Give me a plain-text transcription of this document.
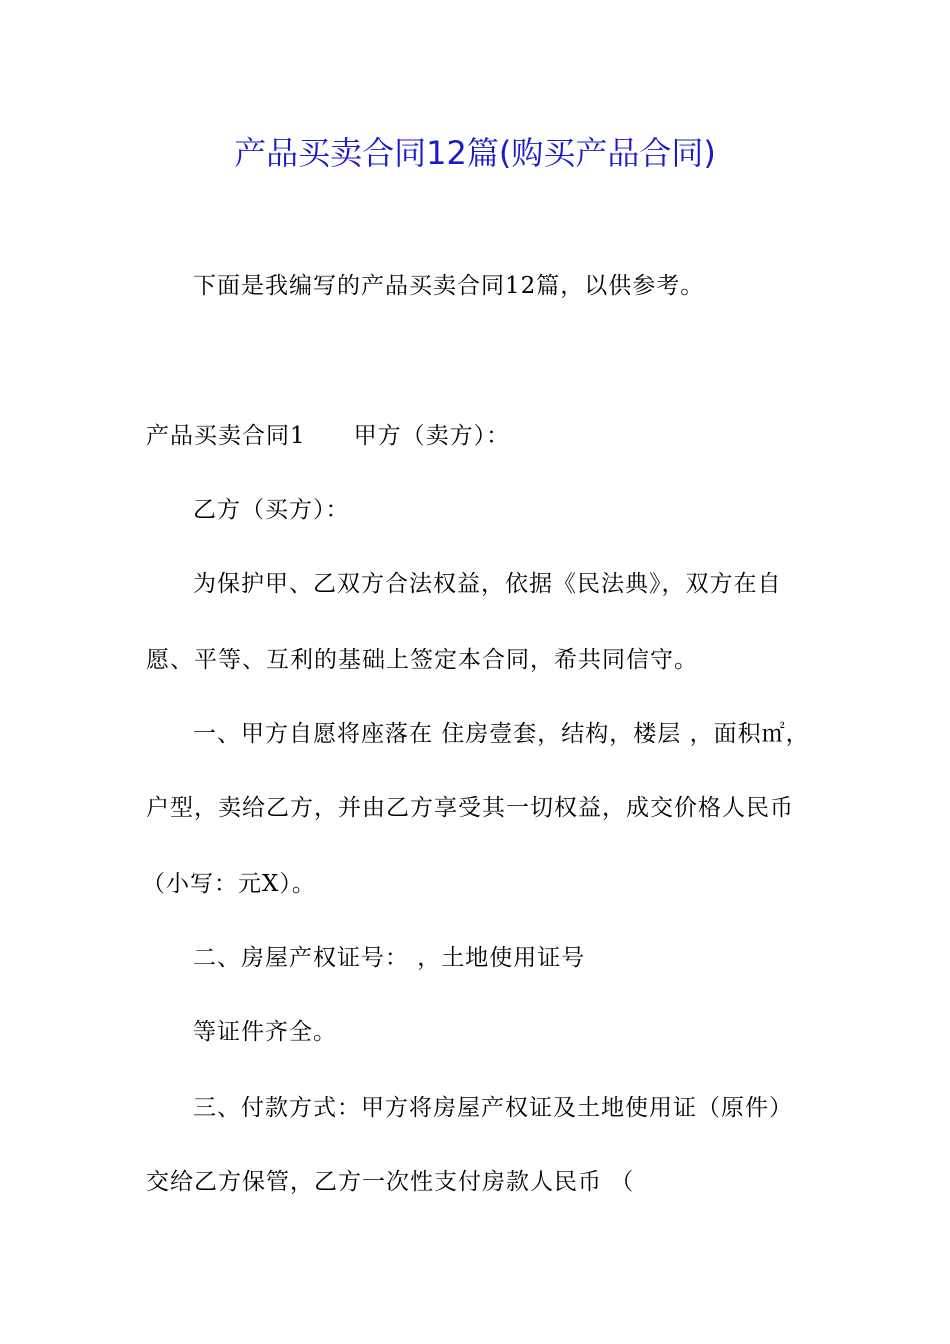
产品买卖合同12篇(购买产品合同)
下面是我编写的产品买卖合同12篇，以供参考。
产品买卖合同1 甲方（卖方）：
乙方（买方）：
为保护甲、乙双方合法权益，依据《民法典》，双方在自
愿、平等、互利的基础上签定本合同，希共同信守。
一、甲方自愿将座落在 住房壹套，结构，楼层 ，面积㎡，
户型，卖给乙方，并由乙方享受其一切权益，成交价格人民币
（小写：元X）。
二、房屋产权证号： ，土地使用证号
等证件齐全。
三、付款方式：甲方将房屋产权证及土地使用证（原件）
交给乙方保管，乙方一次性支付房款人民币 （
